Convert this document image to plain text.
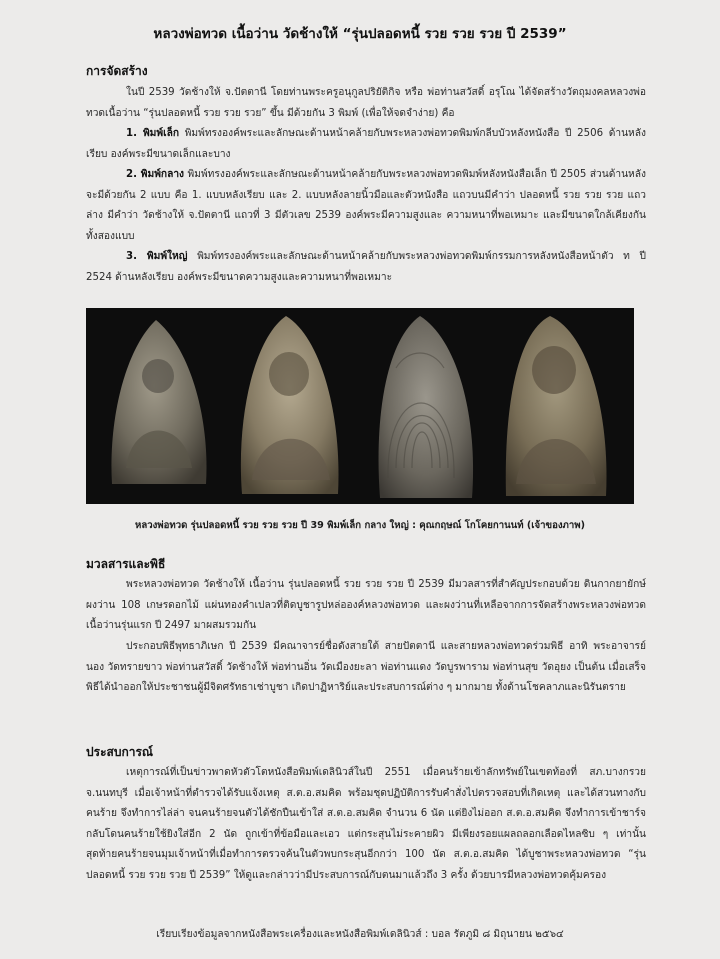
หลวงพ่อทวด เนื้อว่าน วัดช้างให้ “รุ่นปลอดหนี้ รวย รวย รวย ปี 2539”
การจัดสร้าง

ในปี 2539 วัดช้างให้ จ.ปัตตานี โดยท่านพระครูอนุกูลปริยัติกิจ หรือ พ่อท่านสวัสดิ์ อรุโณ ได้จัดสร้างวัตถุมงคลหลวงพ่อทวดเนื้อว่าน “รุ่นปลอดหนี้ รวย รวย รวย” ขึ้น มีด้วยกัน 3 พิมพ์ (เพื่อให้จดจำง่าย) คือ

1. พิมพ์เล็ก พิมพ์ทรงองค์พระและลักษณะด้านหน้าคล้ายกับพระหลวงพ่อทวดพิมพ์กลีบบัวหลังหนังสือ ปี 2506 ด้านหลังเรียบ องค์พระมีขนาดเล็กและบาง

2. พิมพ์กลาง พิมพ์ทรงองค์พระและลักษณะด้านหน้าคล้ายกับพระหลวงพ่อทวดพิมพ์หลังหนังสือเล็ก ปี 2505 ส่วนด้านหลังจะมีด้วยกัน 2 แบบ คือ 1. แบบหลังเรียบ และ 2. แบบหลังลายนิ้วมือและตัวหนังสือ แถวบนมีคำว่า ปลอดหนี้ รวย รวย รวย แถวล่าง มีคำว่า วัดช้างให้ จ.ปัตตานี แถวที่ 3 มีตัวเลข 2539 องค์พระมีความสูงและ ความหนาที่พอเหมาะ และมีขนาดใกล้เคียงกันทั้งสองแบบ

3. พิมพ์ใหญ่ พิมพ์ทรงองค์พระและลักษณะด้านหน้าคล้ายกับพระหลวงพ่อทวดพิมพ์กรรมการหลังหนังสือหน้าตัว ท ปี 2524 ด้านหลังเรียบ องค์พระมีขนาดความสูงและความหนาที่พอเหมาะ

หลวงพ่อทวด รุ่นปลอดหนี้ รวย รวย รวย ปี 39 พิมพ์เล็ก กลาง ใหญ่ : คุณกฤษณ์ โกโคยกานนท์ (เจ้าของภาพ)
มวลสารและพิธี

พระหลวงพ่อทวด วัดช้างให้ เนื้อว่าน รุ่นปลอดหนี้ รวย รวย รวย ปี 2539 มีมวลสารที่สำคัญประกอบด้วย ดินกากยายักษ์ ผงว่าน 108 เกษรดอกไม้ แผ่นทองคำเปลวที่ติดบูชารูปหล่อองค์หลวงพ่อทวด และผงว่านที่เหลือจากการจัดสร้างพระหลวงพ่อทวดเนื้อว่านรุ่นแรก ปี 2497 มาผสมรวมกัน

ประกอบพิธีพุทธาภิเษก ปี 2539 มีคณาจารย์ชื่อดังสายใต้ สายปัตตานี และสายหลวงพ่อทวดร่วมพิธี อาทิ พระอาจารย์นอง วัดทรายขาว พ่อท่านสวัสดิ์ วัดช้างให้ พ่อท่านอิ่น วัดเมืองยะลา พ่อท่านแดง วัดบูรพาราม พ่อท่านสุข วัดอุยง เป็นต้น เมื่อเสร็จพิธีได้นำออกให้ประชาชนผู้มีจิตศรัทธาเช่าบูชา เกิดปาฏิหาริย์และประสบการณ์ต่าง ๆ มากมาย ทั้งด้านโชคลาภและนิรันตราย

ประสบการณ์

เหตุการณ์ที่เป็นข่าวพาดหัวตัวโตหนังสือพิมพ์เดลินิวส์ในปี 2551 เมื่อคนร้ายเข้าลักทรัพย์ในเขตท้องที่ สภ.บางกรวย จ.นนทบุรี เมื่อเจ้าหน้าที่ตำรวจได้รับแจ้งเหตุ ส.ต.อ.สมคิด พร้อมชุดปฏิบัติการรับคำสั่งไปตรวจสอบที่เกิดเหตุ และได้สวนทางกับคนร้าย จึงทำการไล่ล่า จนคนร้ายจนตัวได้ชักปืนเข้าใส่ ส.ต.อ.สมคิด จำนวน 6 นัด แต่ยิงไม่ออก ส.ต.อ.สมคิด จึงทำการเข้าชาร์จ กลับโดนคนร้ายใช้ยิงใส่อีก 2 นัด ถูกเข้าที่ข้อมือและเอว แต่กระสุนไม่ระคายผิว มีเพียงรอยแผลถลอกเลือดไหลซิบ ๆ เท่านั้น สุดท้ายคนร้ายจนมุมเจ้าหน้าที่เมื่อทำการตรวจค้นในตัวพบกระสุนอีกกว่า 100 นัด ส.ต.อ.สมคิด ได้บูชาพระหลวงพ่อทวด “รุ่นปลอดหนี้ รวย รวย รวย ปี 2539” ให้ดูและกล่าวว่ามีประสบการณ์กับตนมาแล้วถึง 3 ครั้ง ด้วยบารมีหลวงพ่อทวดคุ้มครอง

เรียบเรียงข้อมูลจากหนังสือพระเครื่องและหนังสือพิมพ์เดลินิวส์ : บอล รัตภูมิ ๘ มิถุนายน ๒๕๖๔
